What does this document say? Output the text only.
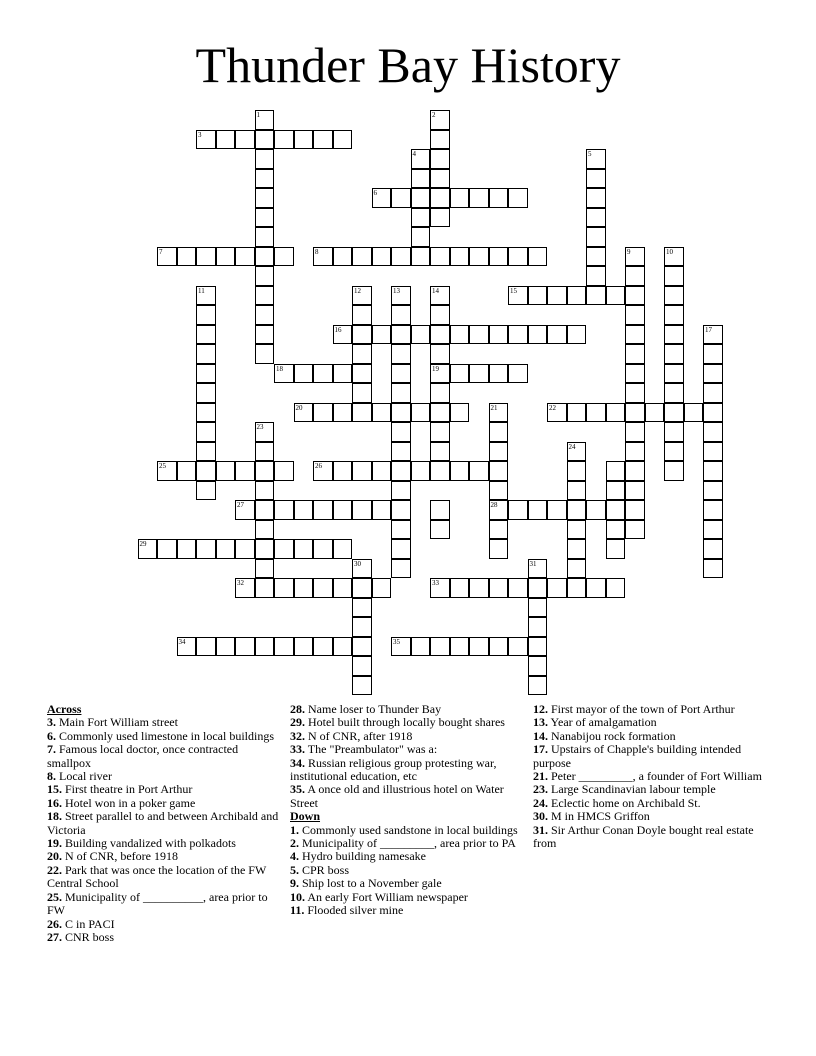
Thunder Bay History
1	2
3
4	5
6
7	8	9	10
11	12	13	14	15
16	17
18	19
20	21	22
23
24
25	26
27	28
29
30	31
32	33
34	35

Across

3. Main Fort William street

6. Commonly used limestone in local buildings

7. Famous local doctor, once contracted smallpox

8. Local river

15. First theatre in Port Arthur

16. Hotel won in a poker game

18. Street parallel to and between Archibald and Victoria

19. Building vandalized with polkadots

20. N of CNR, before 1918

22. Park that was once the location of the FW Central School

25. Municipality of __________, area prior to FW

26. C in PACI

27. CNR boss

28. Name loser to Thunder Bay

29. Hotel built through locally bought shares

32. N of CNR, after 1918

33. The "Preambulator" was a:

34. Russian religious group protesting war, institutional education, etc

35. A once old and illustrious hotel on Water Street

Down

1. Commonly used sandstone in local buildings

2. Municipality of _________, area prior to PA

4. Hydro building namesake

5. CPR boss

9. Ship lost to a November gale

10. An early Fort William newspaper

11. Flooded silver mine

12. First mayor of the town of Port Arthur

13. Year of amalgamation

14. Nanabijou rock formation

17. Upstairs of Chapple's building intended purpose

21. Peter _________, a founder of Fort William

23. Large Scandinavian labour temple

24. Eclectic home on Archibald St.

30. M in HMCS Griffon

31. Sir Arthur Conan Doyle bought real estate from
